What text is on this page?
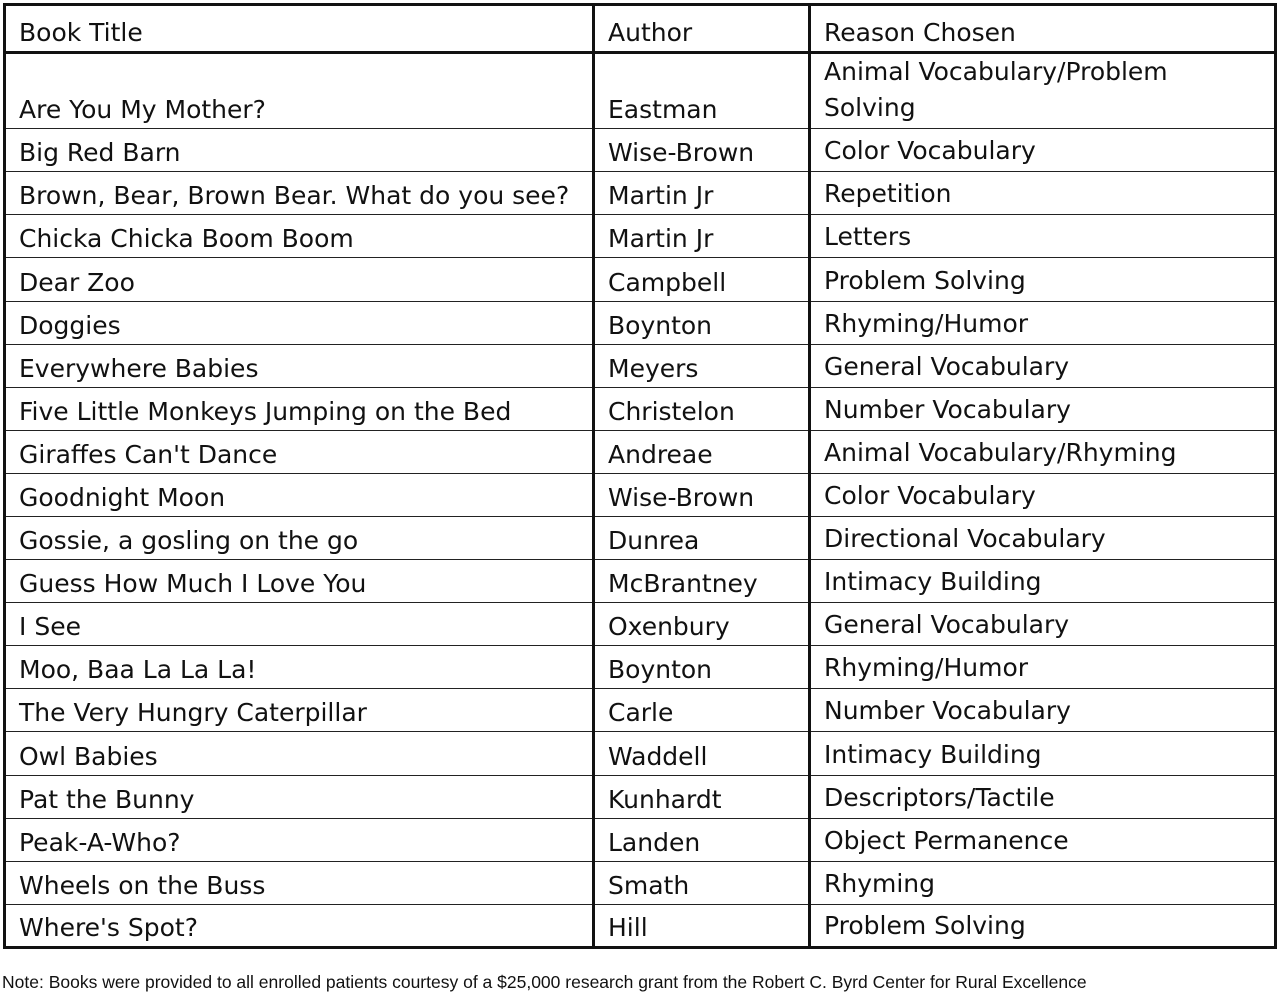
Book Title	Author	Reason Chosen
Are You My Mother?	Eastman	Animal Vocabulary/Problem Solving

Big Red Barn	Wise-Brown	Color Vocabulary

Brown, Bear, Brown Bear. What do you see?	Martin Jr	Repetition

Chicka Chicka Boom Boom	Martin Jr	Letters

Dear Zoo	Campbell	Problem Solving

Doggies	Boynton	Rhyming/Humor

Everywhere Babies	Meyers	General Vocabulary

Five Little Monkeys Jumping on the Bed	Christelon	Number Vocabulary

Giraffes Can't Dance	Andreae	Animal Vocabulary/Rhyming

Goodnight Moon	Wise-Brown	Color Vocabulary

Gossie, a gosling on the go	Dunrea	Directional Vocabulary

Guess How Much I Love You	McBrantney	Intimacy Building

I See	Oxenbury	General Vocabulary

Moo, Baa La La La!	Boynton	Rhyming/Humor

The Very Hungry Caterpillar	Carle	Number Vocabulary

Owl Babies	Waddell	Intimacy Building

Pat the Bunny	Kunhardt	Descriptors/Tactile

Peak-A-Who?	Landen	Object Permanence

Wheels on the Buss	Smath	Rhyming

Where's Spot?	Hill	Problem Solving
Note: Books were provided to all enrolled patients courtesy of a $25,000 research grant from the Robert C. Byrd Center for Rural Excellence
